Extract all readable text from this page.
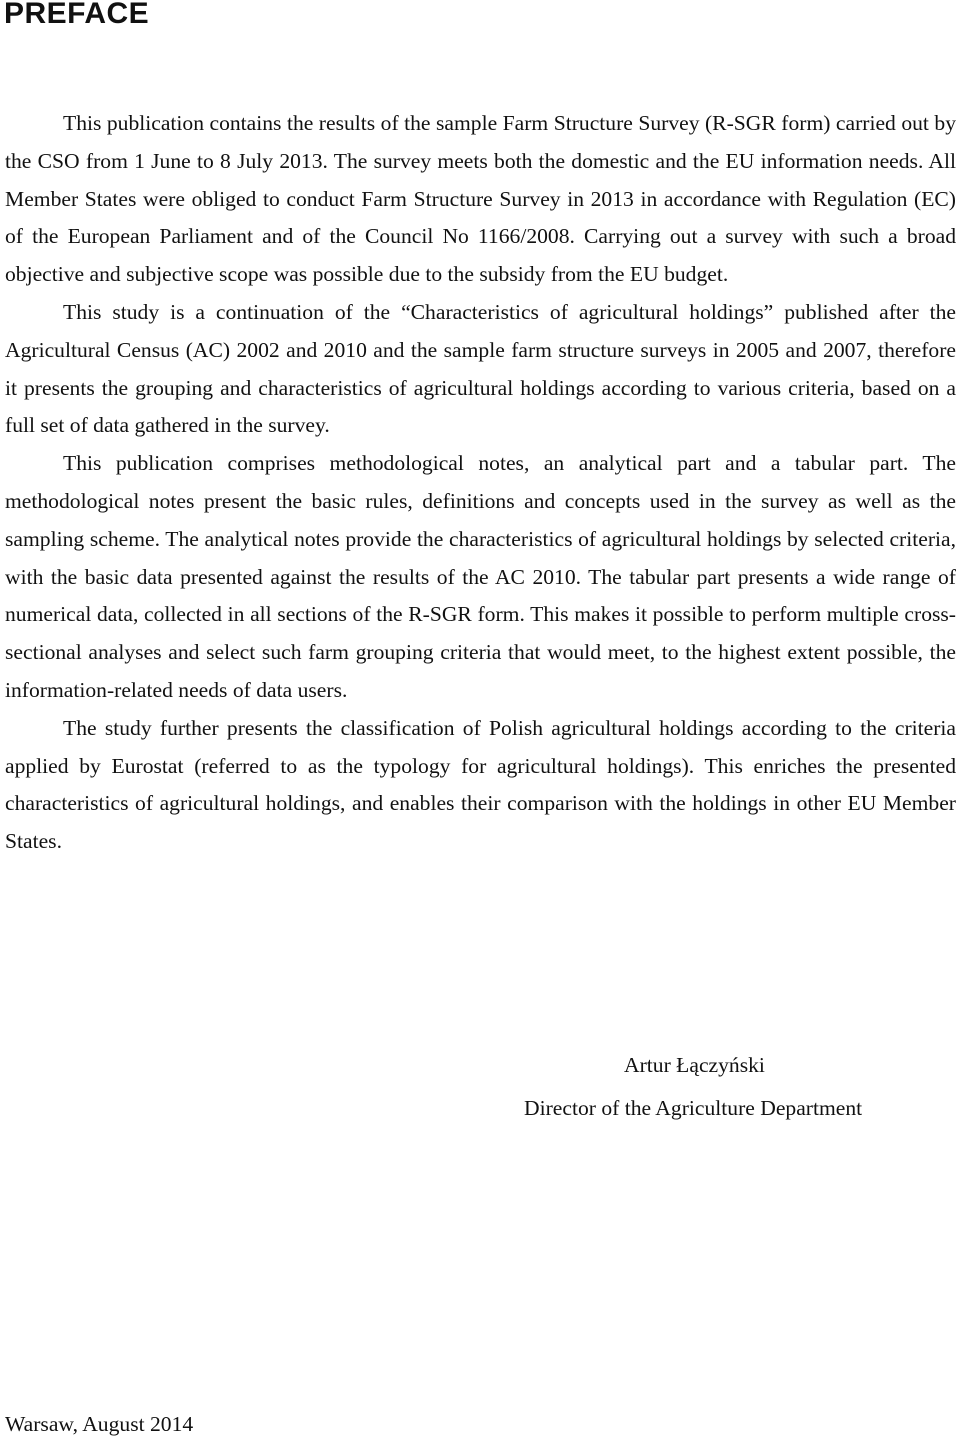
PREFACE

This publication contains the results of the sample Farm Structure Survey (R-SGR form) carried out by the CSO from 1 June to 8 July 2013. The survey meets both the domestic and the EU information needs. All Member States were obliged to conduct Farm Structure Survey in 2013 in accordance with Regulation (EC) of the European Parliament and of the Council No 1166/2008. Carrying out a survey with such a broad objective and subjective scope was possible due to the subsidy from the EU budget.

This study is a continuation of the “Characteristics of agricultural holdings” published after the Agricultural Census (AC) 2002 and 2010 and the sample farm structure surveys in 2005 and 2007, therefore it presents the grouping and characteristics of agricultural holdings according to various criteria, based on a full set of data gathered in the survey.

This publication comprises methodological notes, an analytical part and a tabular part. The methodological notes present the basic rules, definitions and concepts used in the survey as well as the sampling scheme. The analytical notes provide the characteristics of agricultural holdings by selected criteria, with the basic data presented against the results of the AC 2010. The tabular part presents a wide range of numerical data, collected in all sections of the R-SGR form. This makes it possible to perform multiple cross-sectional analyses and select such farm grouping criteria that would meet, to the highest extent possible, the information-related needs of data users.

The study further presents the classification of Polish agricultural holdings according to the criteria applied by Eurostat (referred to as the typology for agricultural holdings). This enriches the presented characteristics of agricultural holdings, and enables their comparison with the holdings in other EU Member States.

Artur Łączyński
Director of the Agriculture Department
Warsaw, August 2014
